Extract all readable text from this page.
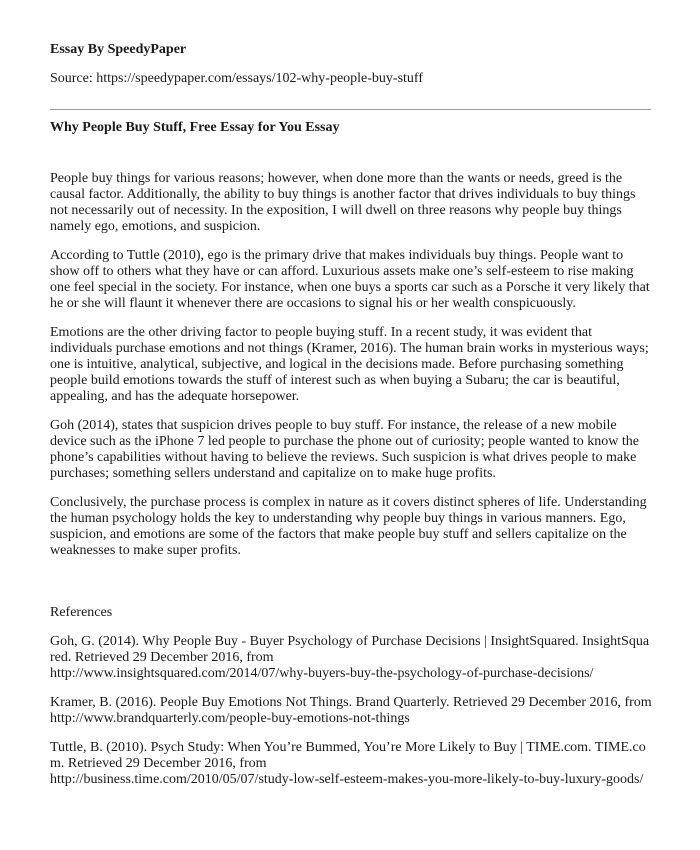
Essay By SpeedyPaper

Source: https://speedypaper.com/essays/102-why-people-buy-stuff

Why People Buy Stuff, Free Essay for You Essay

People buy things for various reasons; however, when done more than the wants or needs, greed is the causal factor. Additionally, the ability to buy things is another factor that drives individuals to buy things not necessarily out of necessity. In the exposition, I will dwell on three reasons why people buy things namely ego, emotions, and suspicion.

According to Tuttle (2010), ego is the primary drive that makes individuals buy things. People want to show off to others what they have or can afford. Luxurious assets make one’s self-esteem to rise making one feel special in the society. For instance, when one buys a sports car such as a Porsche it very likely that he or she will flaunt it whenever there are occasions to signal his or her wealth conspicuously.

Emotions are the other driving factor to people buying stuff. In a recent study, it was evident that individuals purchase emotions and not things (Kramer, 2016). The human brain works in mysterious ways; one is intuitive, analytical, subjective, and logical in the decisions made. Before purchasing something people build emotions towards the stuff of interest such as when buying a Subaru; the car is beautiful, appealing, and has the adequate horsepower.

Goh (2014), states that suspicion drives people to buy stuff. For instance, the release of a new mobile device such as the iPhone 7 led people to purchase the phone out of curiosity; people wanted to know the phone’s capabilities without having to believe the reviews. Such suspicion is what drives people to make purchases; something sellers understand and capitalize on to make huge profits.

Conclusively, the purchase process is complex in nature as it covers distinct spheres of life. Understanding the human psychology holds the key to understanding why people buy things in various manners. Ego, suspicion, and emotions are some of the factors that make people buy stuff and sellers capitalize on the weaknesses to make super profits.

References

Goh, G. (2014). Why People Buy - Buyer Psychology of Purchase Decisions | InsightSquared. InsightSquared. Retrieved 29 December 2016, from
http://www.insightsquared.com/2014/07/why-buyers-buy-the-psychology-of-purchase-decisions/

Kramer, B. (2016). People Buy Emotions Not Things. Brand Quarterly. Retrieved 29 December 2016, from http://www.brandquarterly.com/people-buy-emotions-not-things

Tuttle, B. (2010). Psych Study: When You’re Bummed, You’re More Likely to Buy | TIME.com. TIME.com. Retrieved 29 December 2016, from
http://business.time.com/2010/05/07/study-low-self-esteem-makes-you-more-likely-to-buy-luxury-goods/
